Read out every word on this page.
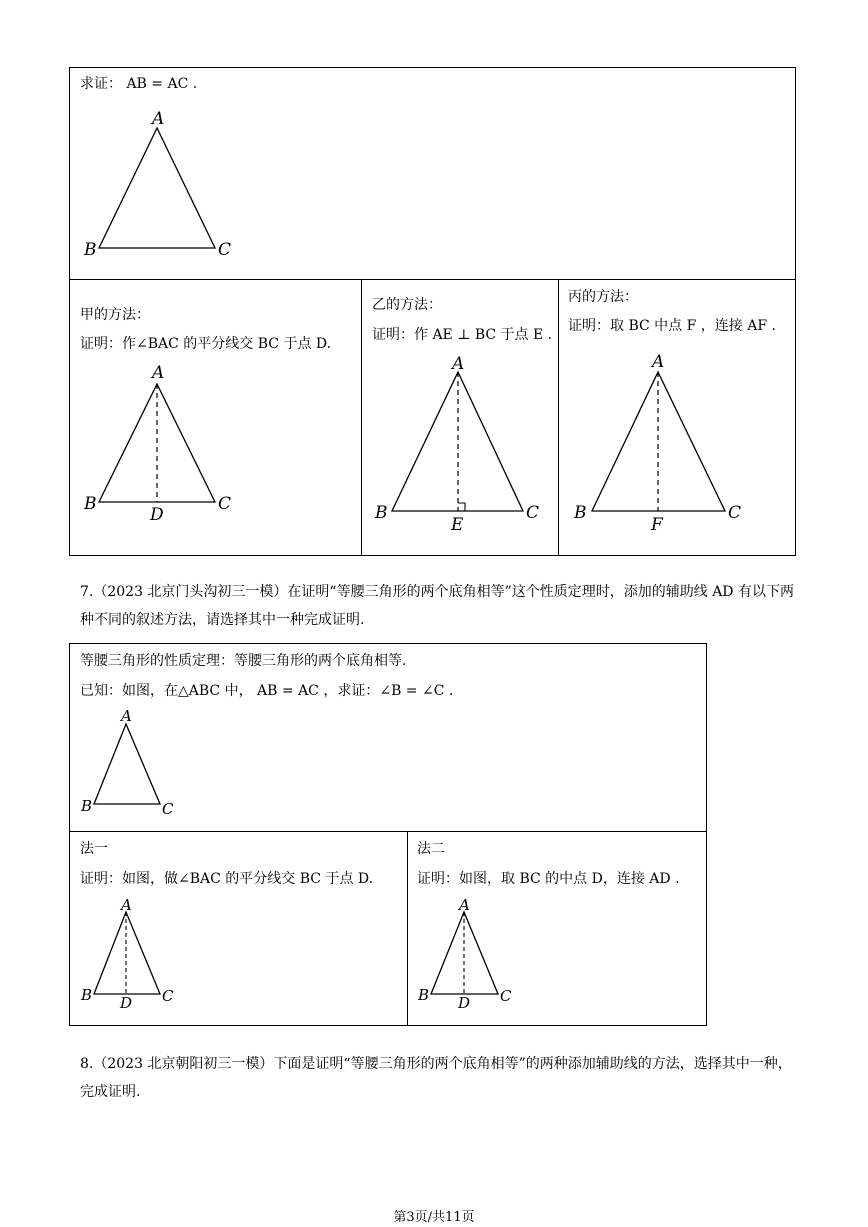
求证： AB = AC .
A
B	C
甲的方法：
证明：作∠BAC 的平分线交 BC 于点 D.
A
B	C
D
乙的方法：
证明：作 AE ⊥ BC 于点 E .
A
B	C
E
丙的方法：
证明：取 BC 中点 F ，连接 AF .
A
B	C
F
7.（2023 北京门头沟初三一模）在证明“等腰三角形的两个底角相等”这个性质定理时，添加的辅助线 AD 有以下两种不同的叙述方法，请选择其中一种完成证明.
等腰三角形的性质定理：等腰三角形的两个底角相等.
已知：如图，在△ABC 中， AB = AC ，求证：∠B = ∠C .
A
B	C
法一
证明：如图，做∠BAC 的平分线交 BC 于点 D.
A
B	C
D
法二
证明：如图，取 BC 的中点 D，连接 AD .
A
B	C
D
8.（2023 北京朝阳初三一模）下面是证明“等腰三角形的两个底角相等”的两种添加辅助线的方法，选择其中一种，完成证明.
第3页/共11页
